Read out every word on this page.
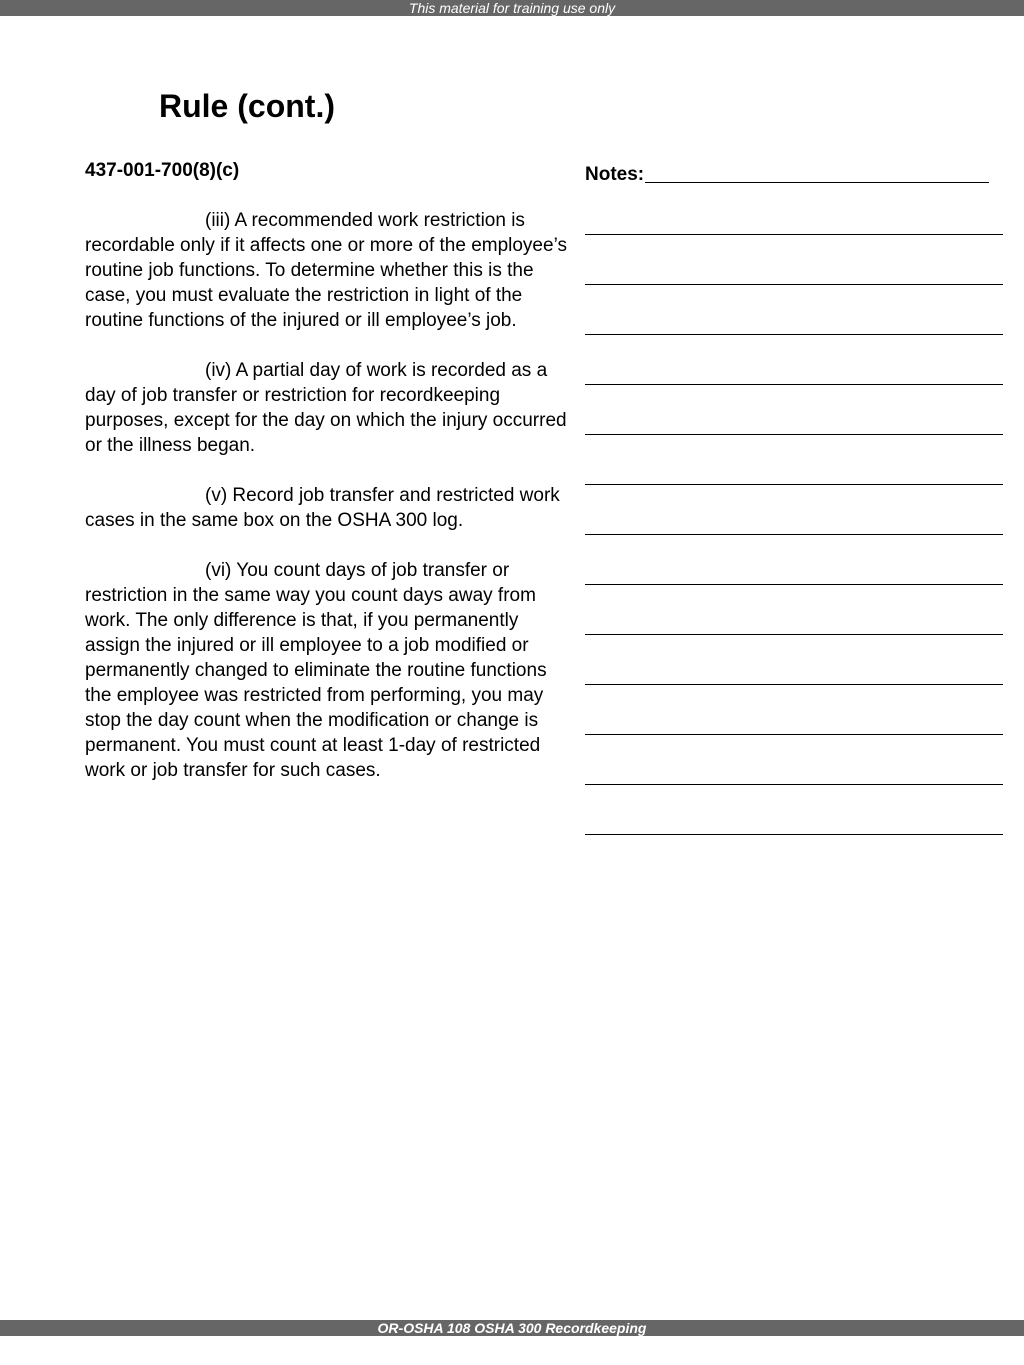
This material for training use only
Rule (cont.)

437-001-700(8)(c)

(iii) A recommended work restriction is recordable only if it affects one or more of the employee’s routine job functions. To determine whether this is the case, you must evaluate the restriction in light of the routine functions of the injured or ill employee’s job.

(iv) A partial day of work is recorded as a day of job transfer or restriction for recordkeeping purposes, except for the day on which the injury occurred or the illness began.

(v) Record job transfer and restricted work cases in the same box on the OSHA 300 log.

(vi) You count days of job transfer or restriction in the same way you count days away from work. The only difference is that, if you permanently assign the injured or ill employee to a job modified or permanently changed to eliminate the routine functions the employee was restricted from performing, you may stop the day count when the modification or change is permanent. You must count at least 1-day of restricted work or job transfer for such cases.

Notes:
OR-OSHA 108 OSHA 300 Recordkeeping
